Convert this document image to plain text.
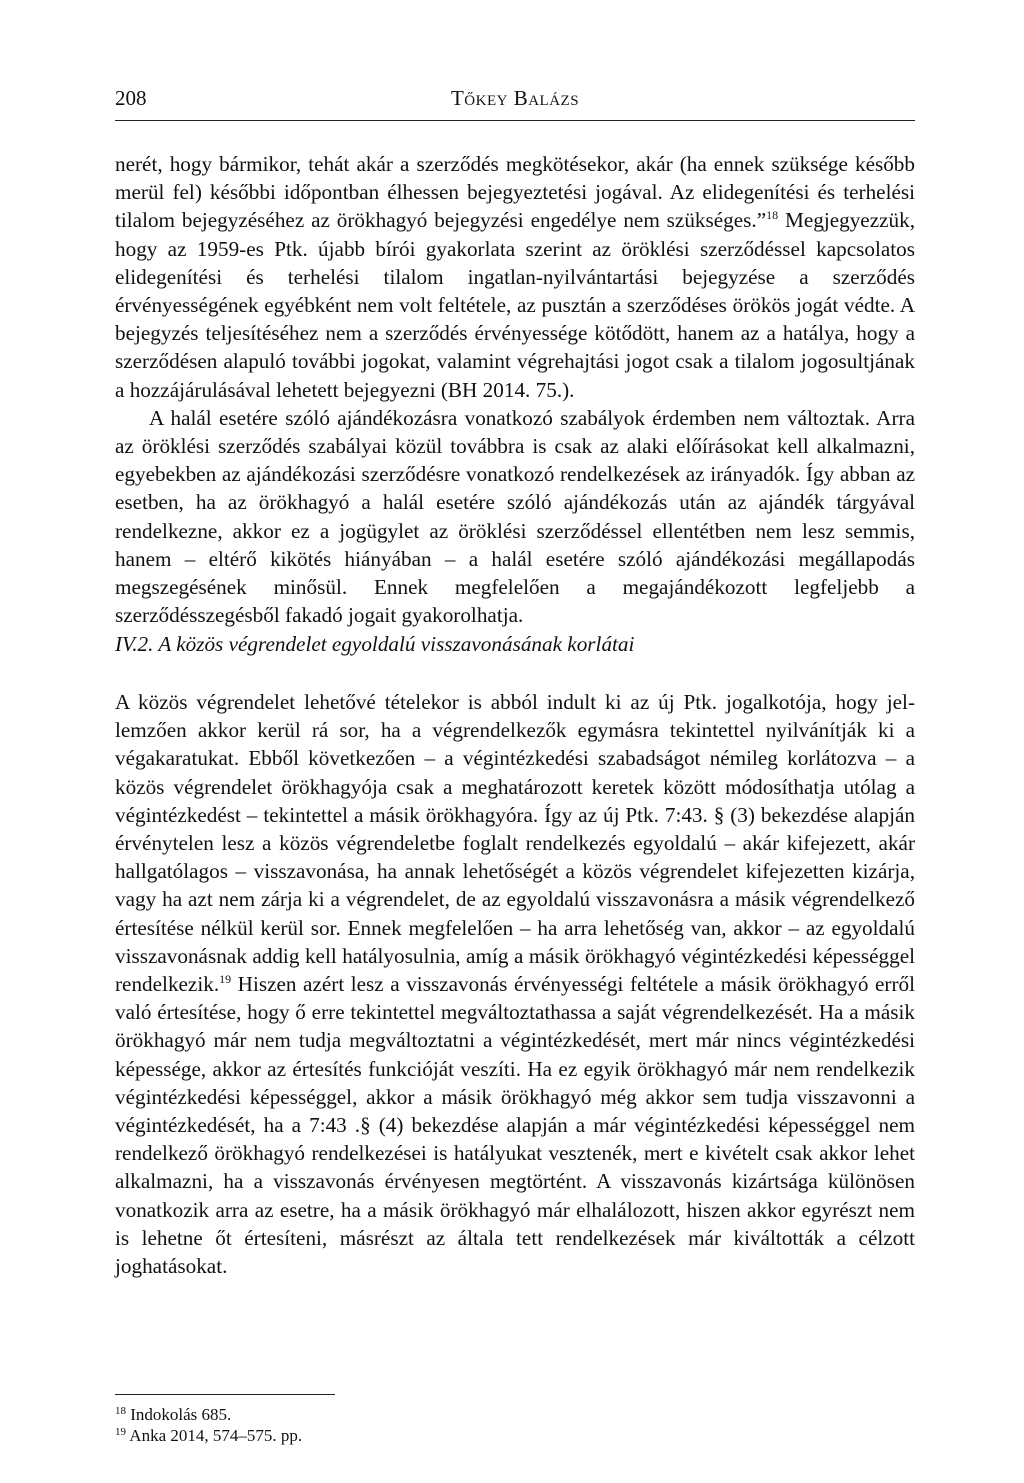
208	Tőkey Balázs

nerét, hogy bármikor, tehát akár a szerződés megkötésekor, akár (ha ennek szüksége később merül fel) későbbi időpontban élhessen bejegyeztetési jogával. Az elidegenítési és terhelési tilalom bejegyzéséhez az örökhagyó bejegyzési engedélye nem szükséges.”$^{18}$ Megjegyezzük, hogy az 1959-es Ptk. újabb bírói gyakorlata szerint az öröklési szerződéssel kapcsolatos elidegenítési és terhelési tilalom ingatlan-nyilvántartási bejegyzése a szerződés érvényességének egyébként nem volt feltétele, az pusztán a szerződéses örökös jogát védte. A bejegyzés teljesítéséhez nem a szerződés érvényessége kötődött, hanem az a hatálya, hogy a szerződésen alapuló további jogokat, valamint végrehajtási jogot csak a tilalom jogosultjának a hozzájárulásával lehetett bejegyezni (BH 2014. 75.).

A halál esetére szóló ajándékozásra vonatkozó szabályok érdemben nem változtak. Arra az öröklési szerződés szabályai közül továbbra is csak az alaki előírásokat kell alkalmazni, egyebekben az ajándékozási szerződésre vonatkozó rendelkezések az irányadók. Így abban az esetben, ha az örökhagyó a halál esetére szóló ajándékozás után az ajándék tárgyával rendelkezne, akkor ez a jogügylet az öröklési szerződéssel ellentétben nem lesz semmis, hanem – eltérő kikötés hiányában – a halál esetére szóló ajándékozási megállapodás megszegésének minősül. Ennek megfelelően a megajándékozott legfeljebb a szerződésszegésből fakadó jogait gyakorolhatja.

IV.2. A közös végrendelet egyoldalú visszavonásának korlátai

A közös végrendelet lehetővé tételekor is abból indult ki az új Ptk. jogalkotója, hogy jellemzően akkor kerül rá sor, ha a végrendelkezők egymásra tekintettel nyilvánítják ki a végakaratukat. Ebből következően – a végintézkedési szabadságot némileg korlátozva – a közös végrendelet örökhagyója csak a meghatározott keretek között módosíthatja utólag a végintézkedést – tekintettel a másik örökhagyóra. Így az új Ptk. 7:43. § (3) bekezdése alapján érvénytelen lesz a közös végrendeletbe foglalt rendelkezés egyoldalú – akár kifejezett, akár hallgatólagos – visszavonása, ha annak lehetőségét a közös végrendelet kifejezetten kizárja, vagy ha azt nem zárja ki a végrendelet, de az egyoldalú visszavonásra a másik végrendelkező értesítése nélkül kerül sor. Ennek megfelelően – ha arra lehetőség van, akkor – az egyoldalú visszavonásnak addig kell hatályosulnia, amíg a másik örökhagyó végintézkedési képességgel rendelkezik.$^{19}$ Hiszen azért lesz a visszavonás érvényességi feltétele a másik örökhagyó erről való értesítése, hogy ő erre tekintettel megváltoztathassa a saját végrendelkezését. Ha a másik örökhagyó már nem tudja megváltoztatni a végintézkedését, mert már nincs végintézkedési képessége, akkor az értesítés funkcióját veszíti. Ha ez egyik örökhagyó már nem rendelkezik végintézkedési képességgel, akkor a másik örökhagyó még akkor sem tudja visszavonni a végintézkedését, ha a 7:43 .§ (4) bekezdése alapján a már végintézkedési képességgel nem rendelkező örökhagyó rendelkezései is hatályukat vesztenék, mert e kivételt csak akkor lehet alkalmazni, ha a visszavonás érvényesen megtörtént. A visszavonás kizártsága különösen vonatkozik arra az esetre, ha a másik örökhagyó már elhalálozott, hiszen akkor egyrészt nem is lehetne őt értesíteni, másrészt az általa tett rendelkezések már kiváltották a célzott joghatásokat.

$^{18}$ Indokolás 685.
$^{19}$ Anka 2014, 574–575. pp.
